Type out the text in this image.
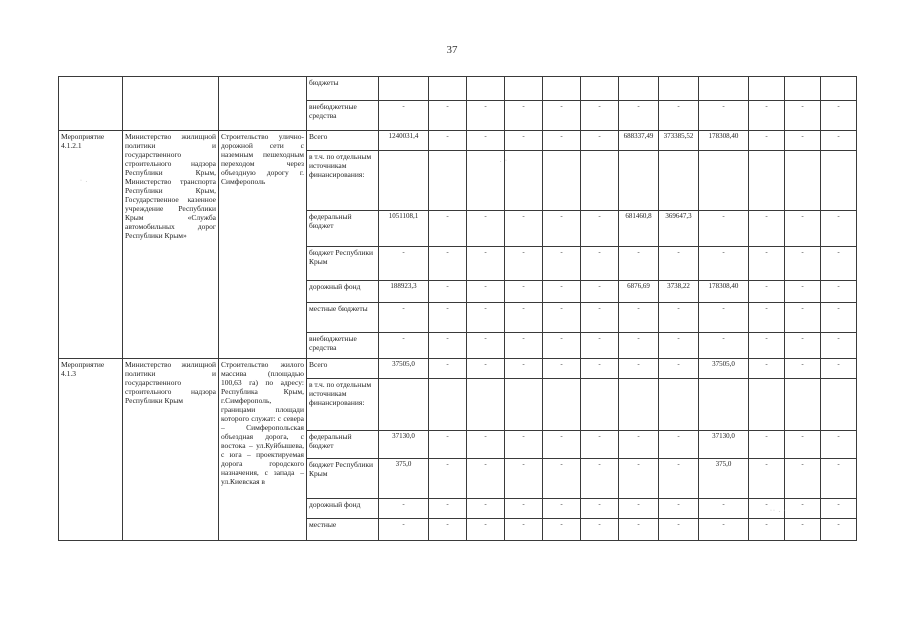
37
			бюджеты												
			внебюджетные средства	-	-	-	-	-	-	-	-	-	-	-	-
Мероприятие 4.1.2.1	Министерство жилищной политики и государственного строительного надзора Республики Крым, Министерство транспорта Республики Крым, Государственное казенное учреждение Республики Крым «Служба автомобильных дорог Республики Крым»	Строительство улично-дорожной сети с наземным пешеходным переходом через объездную дорогу г. Симферополь	Всего	1240031,4	-	-	-	-	-	688337,49	373385,52	178308,40	-	-	-
			в т.ч. по отдельным источникам финансирования:												
			федеральный бюджет	1051108,1	-	-	-	-	-	681460,8	369647,3	-	-	-	-
			бюджет Республики Крым	-	-	-	-	-	-	-	-	-	-	-	-
			дорожный фонд	188923,3	-	-	-	-	-	6876,69	3738,22	178308,40	-	-	-
			местные бюджеты	-	-	-	-	-	-	-	-	-	-	-	-
			внебюджетные средства	-	-	-	-	-	-	-	-	-	-	-	-
Мероприятие 4.1.3	Министерство жилищной политики и государственного строительного надзора Республики Крым	Строительство жилого массива (площадью 100,63 га) по адресу: Республика Крым, г.Симферополь, границами площади которого служат: с севера – Симферопольская объездная дорога, с востока – ул.Куйбышева, с юга – проектируемая дорога городского назначения, с запада – ул.Киевская в	Всего	37505,0	-	-	-	-	-	-	-	37505,0	-	-	-
			в т.ч. по отдельным источникам финансирования:												
			федеральный бюджет	37130,0	-	-	-	-	-	-	-	37130,0	-	-	-
			бюджет Республики Крым	375,0	-	-	-	-	-	-	-	375,0	-	-	-
			дорожный фонд	-	-	-	-	-	-	-	-	-	-	-	-
			местные	-	-	-	-	-	-	-	-	-	-	-	-
· .
. ·
·· . ·
